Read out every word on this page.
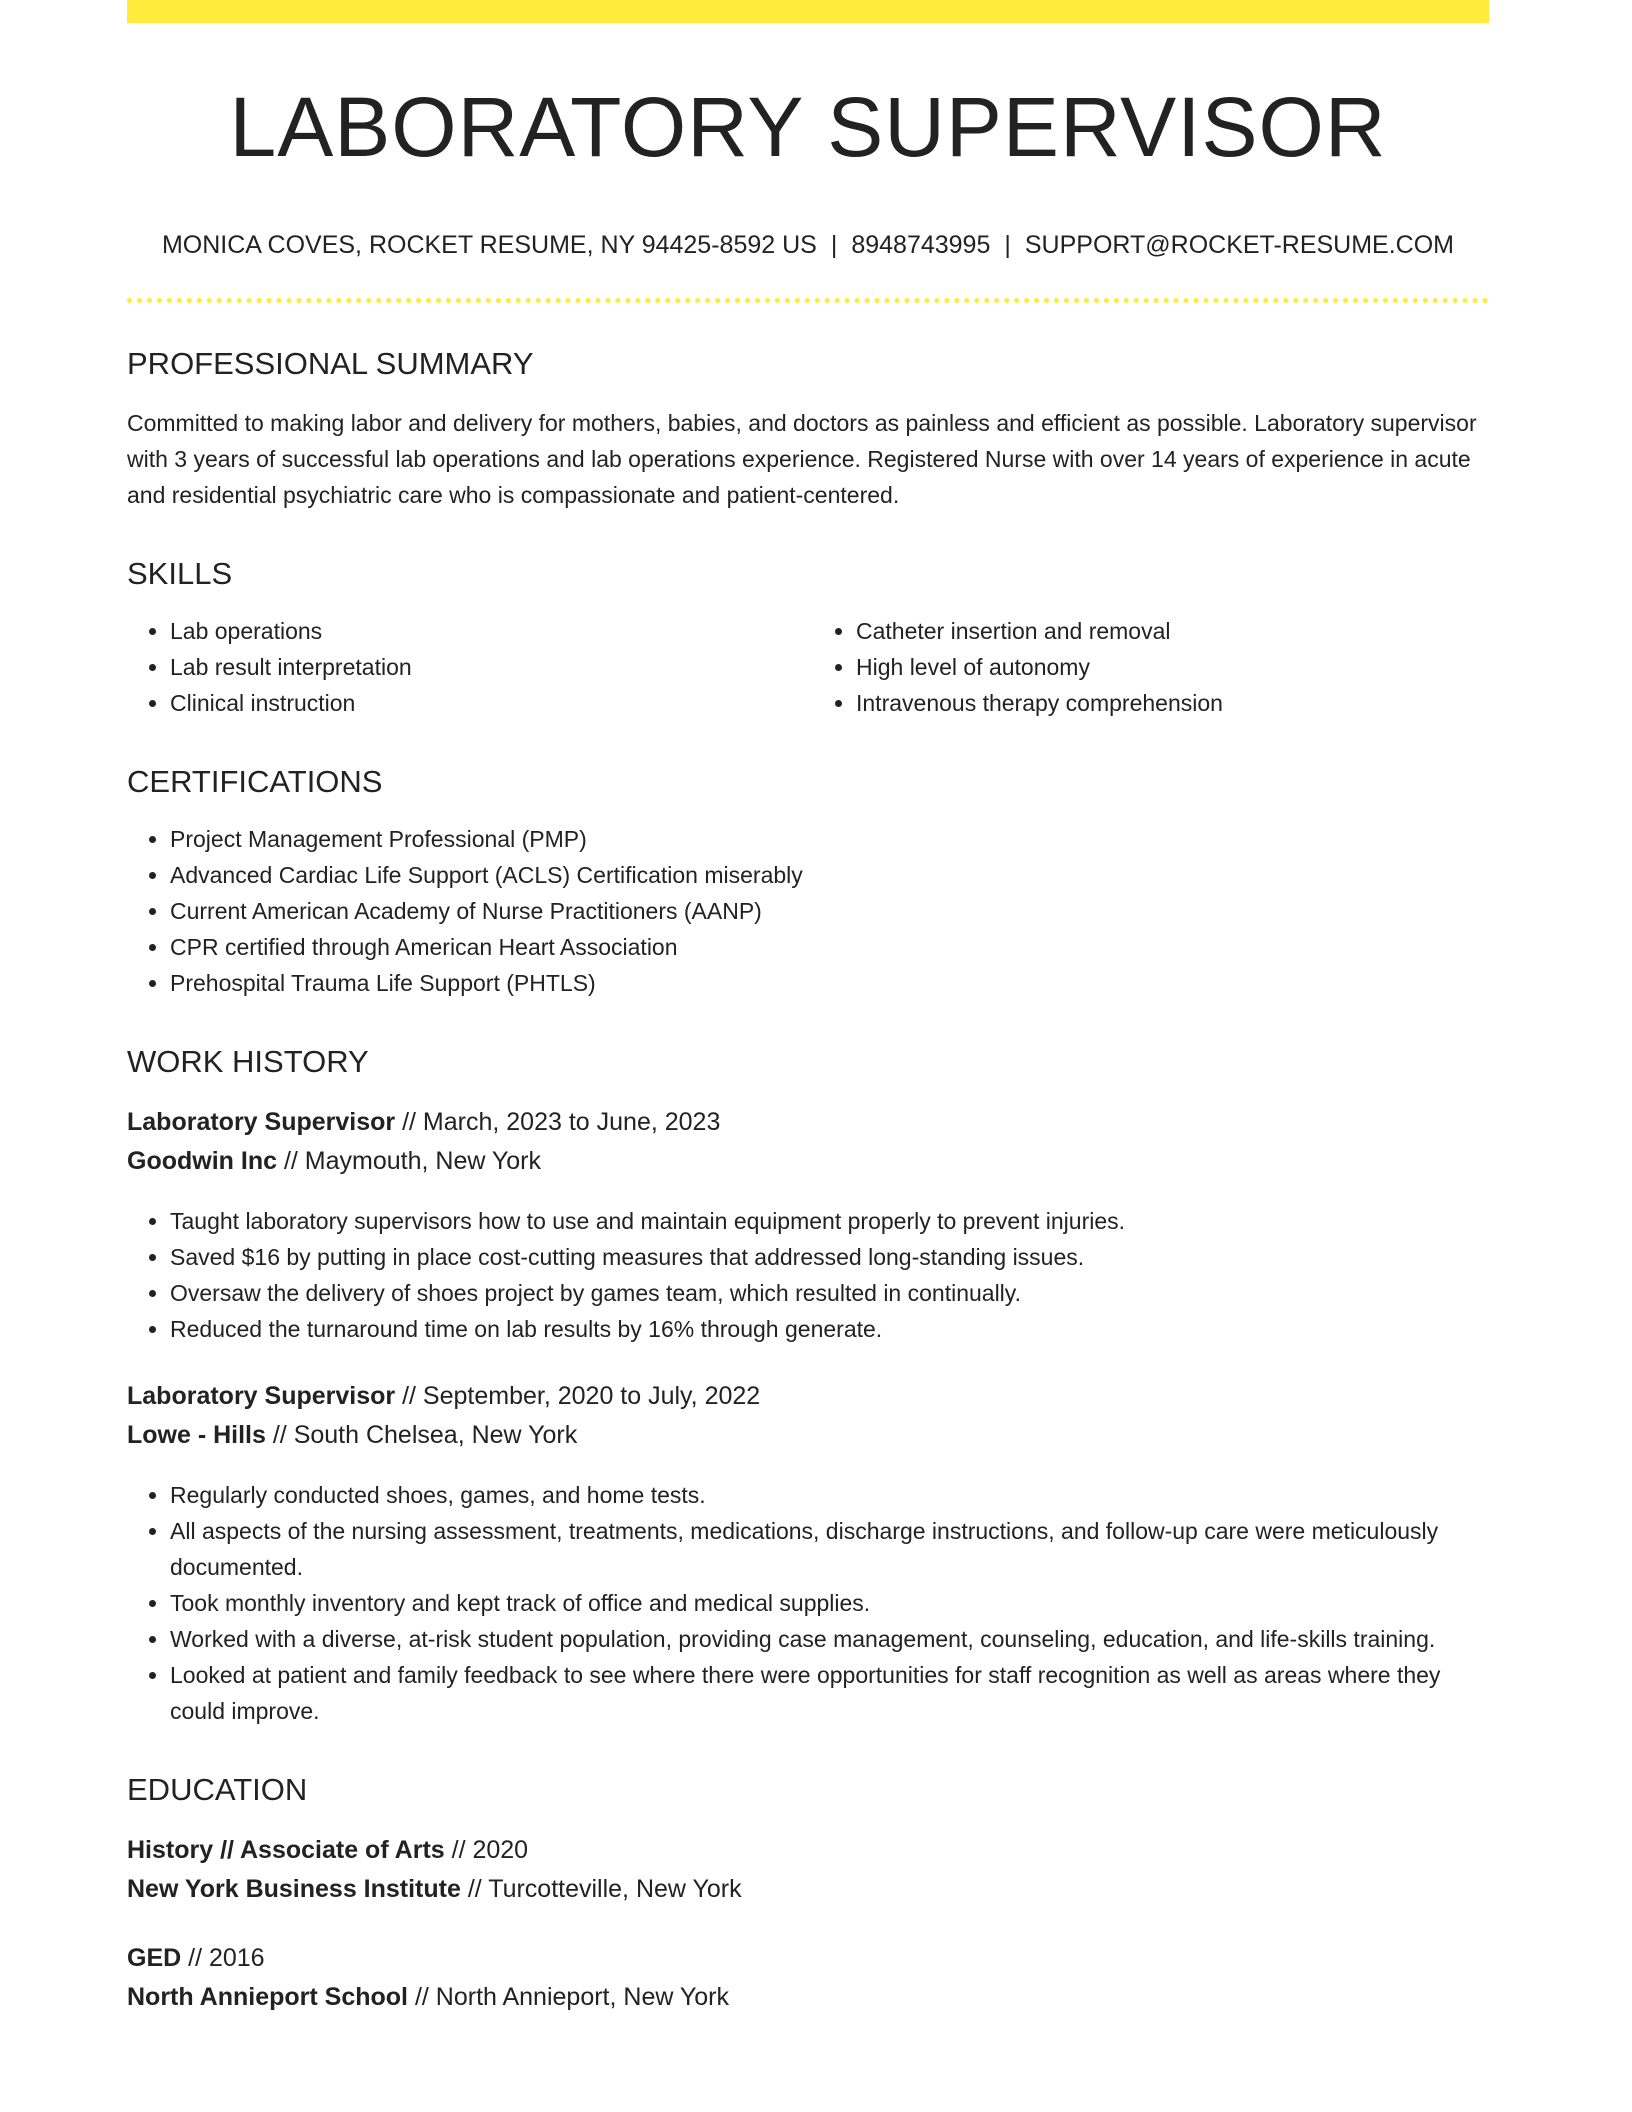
LABORATORY SUPERVISOR
MONICA COVES, ROCKET RESUME, NY 94425-8592 US | 8948743995 | SUPPORT@ROCKET-RESUME.COM
PROFESSIONAL SUMMARY
Committed to making labor and delivery for mothers, babies, and doctors as painless and efficient as possible. Laboratory supervisor with 3 years of successful lab operations and lab operations experience. Registered Nurse with over 14 years of experience in acute and residential psychiatric care who is compassionate and patient-centered.
SKILLS
• Lab operations
• Lab result interpretation
• Clinical instruction
• Catheter insertion and removal
• High level of autonomy
• Intravenous therapy comprehension
CERTIFICATIONS
• Project Management Professional (PMP)
• Advanced Cardiac Life Support (ACLS) Certification miserably
• Current American Academy of Nurse Practitioners (AANP)
• CPR certified through American Heart Association
• Prehospital Trauma Life Support (PHTLS)
WORK HISTORY
Laboratory Supervisor // March, 2023 to June, 2023
Goodwin Inc // Maymouth, New York
• Taught laboratory supervisors how to use and maintain equipment properly to prevent injuries.
• Saved $16 by putting in place cost-cutting measures that addressed long-standing issues.
• Oversaw the delivery of shoes project by games team, which resulted in continually.
• Reduced the turnaround time on lab results by 16% through generate.
Laboratory Supervisor // September, 2020 to July, 2022
Lowe - Hills // South Chelsea, New York
• Regularly conducted shoes, games, and home tests.
• All aspects of the nursing assessment, treatments, medications, discharge instructions, and follow-up care were meticulously documented.
• Took monthly inventory and kept track of office and medical supplies.
• Worked with a diverse, at-risk student population, providing case management, counseling, education, and life-skills training.
• Looked at patient and family feedback to see where there were opportunities for staff recognition as well as areas where they could improve.
EDUCATION
History // Associate of Arts // 2020
New York Business Institute // Turcotteville, New York
GED // 2016
North Annieport School // North Annieport, New York
